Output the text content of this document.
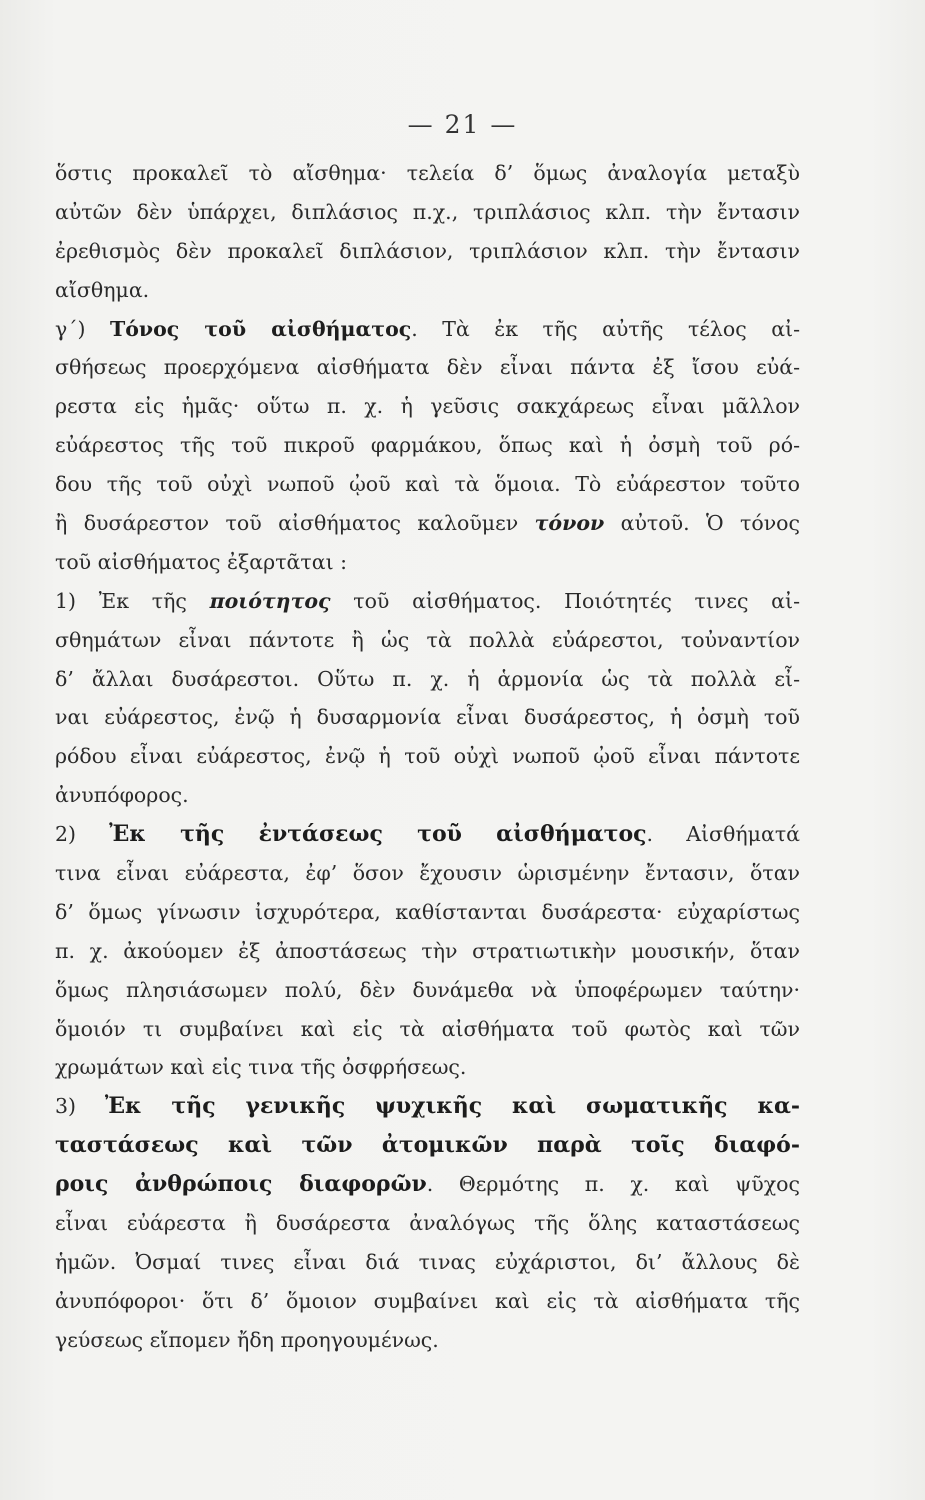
— 21 —
ὅστις προκαλεῖ τὸ αἴσθημα· τελεία δ’ ὅμως ἀναλογία μεταξὺ
αὐτῶν δὲν ὑπάρχει, διπλάσιος π.χ., τριπλάσιος κλπ. τὴν ἔντασιν
ἐρεθισμὸς δὲν προκαλεῖ διπλάσιον, τριπλάσιον κλπ. τὴν ἔντασιν
αἴσθημα.
γ΄) Τόνος τοῦ αἰσθήματος. Τὰ ἐκ τῆς αὐτῆς τέλος αἰ-
σθήσεως προερχόμενα αἰσθήματα δὲν εἶναι πάντα ἐξ ἴσου εὐά-
ρεστα εἰς ἡμᾶς· οὕτω π. χ. ἡ γεῦσις σακχάρεως εἶναι μᾶλλον
εὐάρεστος τῆς τοῦ πικροῦ φαρμάκου, ὅπως καὶ ἡ ὀσμὴ τοῦ ρό-
δου τῆς τοῦ οὐχὶ νωποῦ ᾠοῦ καὶ τὰ ὅμοια. Τὸ εὐάρεστον τοῦτο
ἢ δυσάρεστον τοῦ αἰσθήματος καλοῦμεν τόνον αὐτοῦ. Ὁ τόνος
τοῦ αἰσθήματος ἐξαρτᾶται :
1) Ἐκ τῆς ποιότητος τοῦ αἰσθήματος. Ποιότητές τινες αἰ-
σθημάτων εἶναι πάντοτε ἢ ὡς τὰ πολλὰ εὐάρεστοι, τοὐναντίον
δ’ ἄλλαι δυσάρεστοι. Οὕτω π. χ. ἡ ἁρμονία ὡς τὰ πολλὰ εἶ-
ναι εὐάρεστος, ἐνῷ ἡ δυσαρμονία εἶναι δυσάρεστος, ἡ ὀσμὴ τοῦ
ρόδου εἶναι εὐάρεστος, ἐνῷ ἡ τοῦ οὐχὶ νωποῦ ᾠοῦ εἶναι πάντοτε
ἀνυπόφορος.
2) Ἐκ τῆς ἐντάσεως τοῦ αἰσθήματος. Αἰσθήματά
τινα εἶναι εὐάρεστα, ἐφ’ ὅσον ἔχουσιν ὡρισμένην ἔντασιν, ὅταν
δ’ ὅμως γίνωσιν ἰσχυρότερα, καθίστανται δυσάρεστα· εὐχαρίστως
π. χ. ἀκούομεν ἐξ ἀποστάσεως τὴν στρατιωτικὴν μουσικήν, ὅταν
ὅμως πλησιάσωμεν πολύ, δὲν δυνάμεθα νὰ ὑποφέρωμεν ταύτην·
ὅμοιόν τι συμβαίνει καὶ εἰς τὰ αἰσθήματα τοῦ φωτὸς καὶ τῶν
χρωμάτων καὶ εἰς τινα τῆς ὀσφρήσεως.
3) Ἐκ τῆς γενικῆς ψυχικῆς καὶ σωματικῆς κα-
ταστάσεως καὶ τῶν ἀτομικῶν παρὰ τοῖς διαφό-
ροις ἀνθρώποις διαφορῶν. Θερμότης π. χ. καὶ ψῦχος
εἶναι εὐάρεστα ἢ δυσάρεστα ἀναλόγως τῆς ὅλης καταστάσεως
ἡμῶν. Ὀσμαί τινες εἶναι διά τινας εὐχάριστοι, δι’ ἄλλους δὲ
ἀνυπόφοροι· ὅτι δ’ ὅμοιον συμβαίνει καὶ εἰς τὰ αἰσθήματα τῆς
γεύσεως εἴπομεν ἤδη προηγουμένως.
